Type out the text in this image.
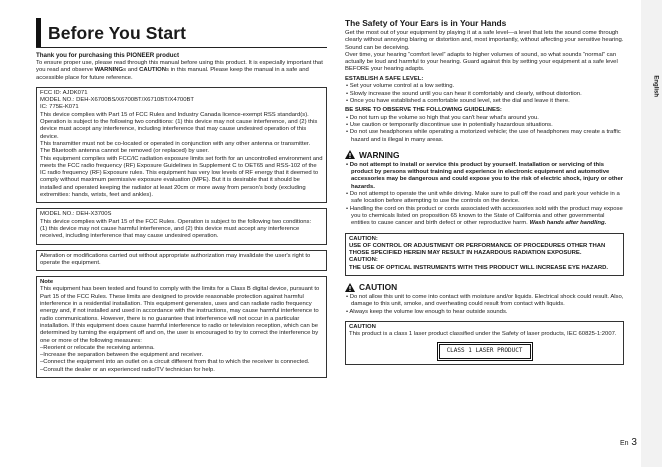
English
Before You Start
Thank you for purchasing this PIONEER product
To ensure proper use, please read through this manual before using this product. It is especially important that you read and observe WARNINGs and CAUTIONs in this manual. Please keep the manual in a safe and accessible place for future reference.
FCC ID: AJDK071
MODEL NO.: DEH-X6700BS/X6700BT/X6710BT/X4700BT
IC: 775E-K071
This device complies with Part 15 of FCC Rules and Industry Canada licence-exempt RSS standard(s). Operation is subject to the following two conditions: (1) this device may not cause interference, and (2) this device must accept any interference, including interference that may cause undesired operation of this device.
This transmitter must not be co-located or operated in conjunction with any other antenna or transmitter.
The Bluetooth antenna cannot be removed (or replaced) by user.
This equipment complies with FCC/IC radiation exposure limits set forth for an uncontrolled environment and meets the FCC radio frequency (RF) Exposure Guidelines in Supplement C to OET65 and RSS-102 of the IC radio frequency (RF) Exposure rules. This equipment has very low levels of RF energy that it deemed to comply without maximum permissive exposure evaluation (MPE). But it is desirable that it should be installed and operated keeping the radiator at least 20cm or more away from person's body (excluding extremities: hands, wrists, feet and ankles).
MODEL NO.: DEH-X3700S
This device complies with Part 15 of the FCC Rules. Operation is subject to the following two conditions:
(1) this device may not cause harmful interference, and (2) this device must accept any interference received, including interference that may cause undesired operation.
Alteration or modifications carried out without appropriate authorization may invalidate the user's right to operate the equipment.
Note
This equipment has been tested and found to comply with the limits for a Class B digital device, pursuant to Part 15 of the FCC Rules. These limits are designed to provide reasonable protection against harmful interference in a residential installation. This equipment generates, uses and can radiate radio frequency energy and, if not installed and used in accordance with the instructions, may cause harmful interference to radio communications. However, there is no guarantee that interference will not occur in a particular installation. If this equipment does cause harmful interference to radio or television reception, which can be determined by turning the equipment off and on, the user is encouraged to try to correct the interference by one or more of the following measures:
–Reorient or relocate the receiving antenna.
–Increase the separation between the equipment and receiver.
–Connect the equipment into an outlet on a circuit different from that to which the receiver is connected.
–Consult the dealer or an experienced radio/TV technician for help.
The Safety of Your Ears is in Your Hands
Get the most out of your equipment by playing it at a safe level—a level that lets the sound come through clearly without annoying blaring or distortion and, most importantly, without affecting your sensitive hearing. Sound can be deceiving.
Over time, your hearing “comfort level” adapts to higher volumes of sound, so what sounds “normal” can actually be loud and harmful to your hearing. Guard against this by setting your equipment at a safe level BEFORE your hearing adapts.
ESTABLISH A SAFE LEVEL:
• Set your volume control at a low setting.
• Slowly increase the sound until you can hear it comfortably and clearly, without distortion.
• Once you have established a comfortable sound level, set the dial and leave it there.
BE SURE TO OBSERVE THE FOLLOWING GUIDELINES:
• Do not turn up the volume so high that you can't hear what's around you.
• Use caution or temporarily discontinue use in potentially hazardous situations.
• Do not use headphones while operating a motorized vehicle; the use of headphones may create a traffic hazard and is illegal in many areas.
WARNING
• Do not attempt to install or service this product by yourself. Installation or servicing of this product by persons without training and experience in electronic equipment and automotive accessories may be dangerous and could expose you to the risk of electric shock, injury or other hazards.
• Do not attempt to operate the unit while driving. Make sure to pull off the road and park your vehicle in a safe location before attempting to use the controls on the device.
• Handling the cord on this product or cords associated with accessories sold with the product may expose you to chemicals listed on proposition 65 known to the State of California and other governmental entities to cause cancer and birth defect or other reproductive harm. Wash hands after handling.
CAUTION:
USE OF CONTROL OR ADJUSTMENT OR PERFORMANCE OF PROCEDURES OTHER THAN THOSE SPECIFIED HEREIN MAY RESULT IN HAZARDOUS RADIATION EXPOSURE.
CAUTION:
THE USE OF OPTICAL INSTRUMENTS WITH THIS PRODUCT WILL INCREASE EYE HAZARD.
CAUTION
• Do not allow this unit to come into contact with moisture and/or liquids. Electrical shock could result. Also, damage to this unit, smoke, and overheating could result from contact with liquids.
• Always keep the volume low enough to hear outside sounds.
CAUTION
This product is a class 1 laser product classified under the Safety of laser products, IEC 60825-1:2007.
CLASS 1 LASER PRODUCT
En 3
